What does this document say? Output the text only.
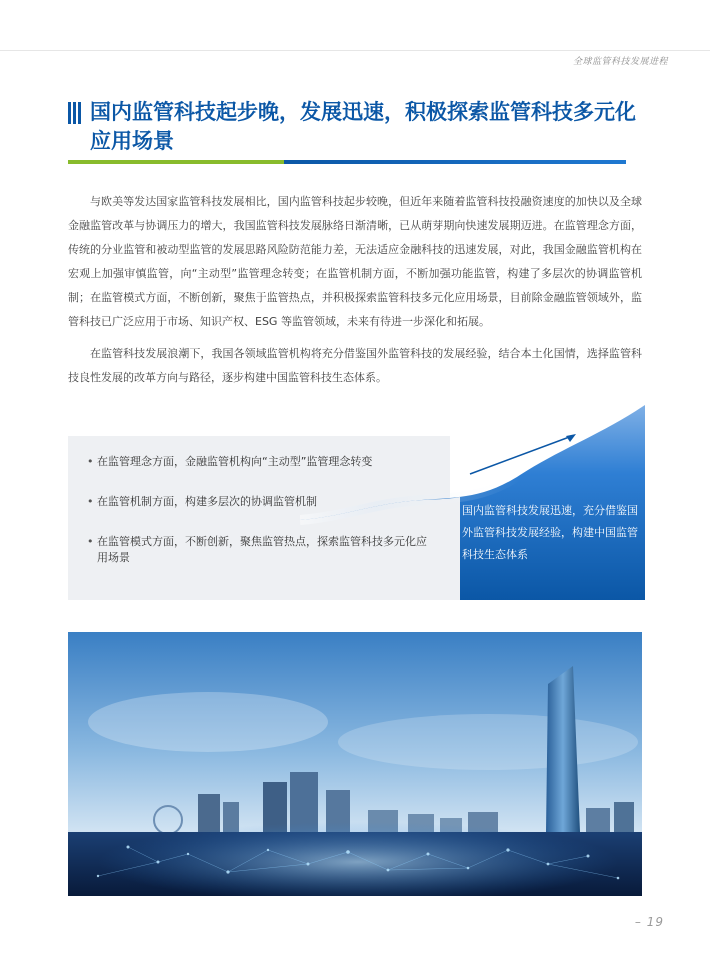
全球监管科技发展进程
国内监管科技起步晚，发展迅速，积极探索监管科技多元化应用场景

与欧美等发达国家监管科技发展相比，国内监管科技起步较晚，但近年来随着监管科技投融资速度的加快以及全球金融监管改革与协调压力的增大，我国监管科技发展脉络日渐清晰，已从萌芽期向快速发展期迈进。在监管理念方面，传统的分业监管和被动型监管的发展思路风险防范能力差，无法适应金融科技的迅速发展，对此，我国金融监管机构在宏观上加强审慎监管，向“主动型”监管理念转变；在监管机制方面，不断加强功能监管，构建了多层次的协调监管机制；在监管模式方面，不断创新，聚焦于监管热点，并积极探索监管科技多元化应用场景，目前除金融监管领域外，监管科技已广泛应用于市场、知识产权、ESG 等监管领域，未来有待进一步深化和拓展。

在监管科技发展浪潮下，我国各领域监管机构将充分借鉴国外监管科技的发展经验，结合本土化国情，选择监管科技良性发展的改革方向与路径，逐步构建中国监管科技生态体系。

• 在监管理念方面，金融监管机构向“主动型”监管理念转变
• 在监管机制方面，构建多层次的协调监管机制
• 在监管模式方面，不断创新，聚焦监管热点，探索监管科技多元化应用场景
国内监管科技发展迅速，充分借鉴国外监管科技发展经验，构建中国监管科技生态体系
– 19
